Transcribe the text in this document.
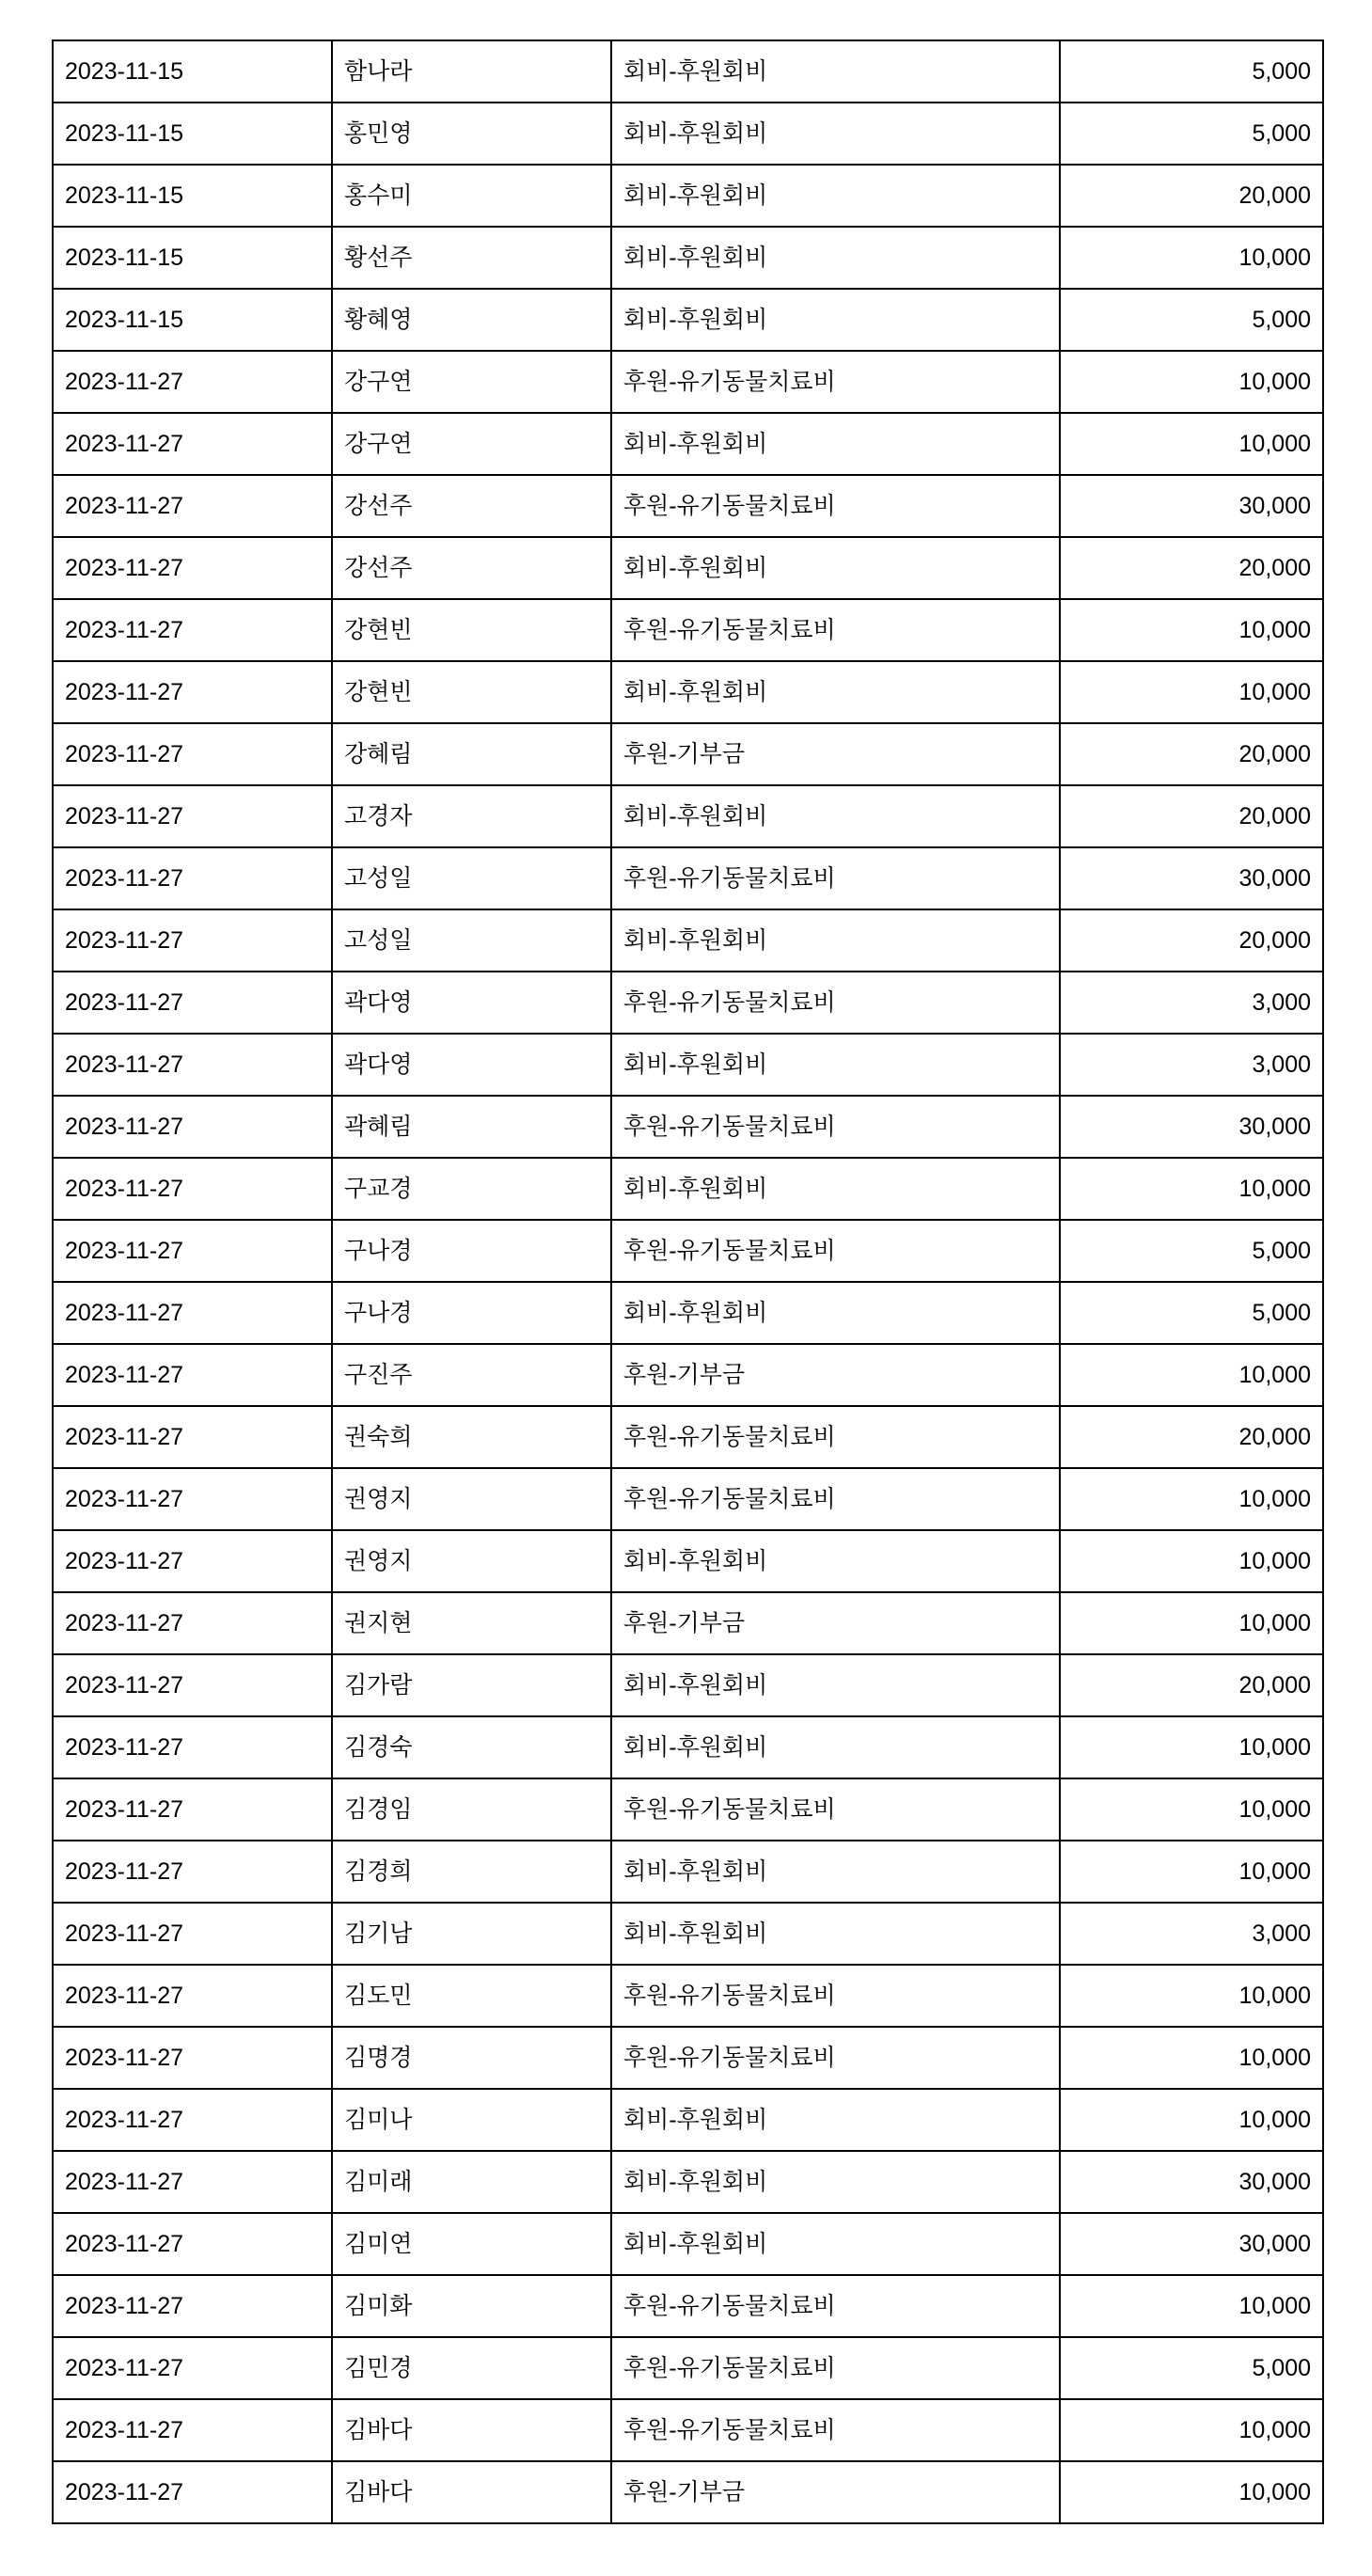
2023-11-15	함나라	회비-후원회비	5,000
2023-11-15	홍민영	회비-후원회비	5,000
2023-11-15	홍수미	회비-후원회비	20,000
2023-11-15	황선주	회비-후원회비	10,000
2023-11-15	황혜영	회비-후원회비	5,000
2023-11-27	강구연	후원-유기동물치료비	10,000
2023-11-27	강구연	회비-후원회비	10,000
2023-11-27	강선주	후원-유기동물치료비	30,000
2023-11-27	강선주	회비-후원회비	20,000
2023-11-27	강현빈	후원-유기동물치료비	10,000
2023-11-27	강현빈	회비-후원회비	10,000
2023-11-27	강혜림	후원-기부금	20,000
2023-11-27	고경자	회비-후원회비	20,000
2023-11-27	고성일	후원-유기동물치료비	30,000
2023-11-27	고성일	회비-후원회비	20,000
2023-11-27	곽다영	후원-유기동물치료비	3,000
2023-11-27	곽다영	회비-후원회비	3,000
2023-11-27	곽혜림	후원-유기동물치료비	30,000
2023-11-27	구교경	회비-후원회비	10,000
2023-11-27	구나경	후원-유기동물치료비	5,000
2023-11-27	구나경	회비-후원회비	5,000
2023-11-27	구진주	후원-기부금	10,000
2023-11-27	권숙희	후원-유기동물치료비	20,000
2023-11-27	권영지	후원-유기동물치료비	10,000
2023-11-27	권영지	회비-후원회비	10,000
2023-11-27	권지현	후원-기부금	10,000
2023-11-27	김가람	회비-후원회비	20,000
2023-11-27	김경숙	회비-후원회비	10,000
2023-11-27	김경임	후원-유기동물치료비	10,000
2023-11-27	김경희	회비-후원회비	10,000
2023-11-27	김기남	회비-후원회비	3,000
2023-11-27	김도민	후원-유기동물치료비	10,000
2023-11-27	김명경	후원-유기동물치료비	10,000
2023-11-27	김미나	회비-후원회비	10,000
2023-11-27	김미래	회비-후원회비	30,000
2023-11-27	김미연	회비-후원회비	30,000
2023-11-27	김미화	후원-유기동물치료비	10,000
2023-11-27	김민경	후원-유기동물치료비	5,000
2023-11-27	김바다	후원-유기동물치료비	10,000
2023-11-27	김바다	후원-기부금	10,000
